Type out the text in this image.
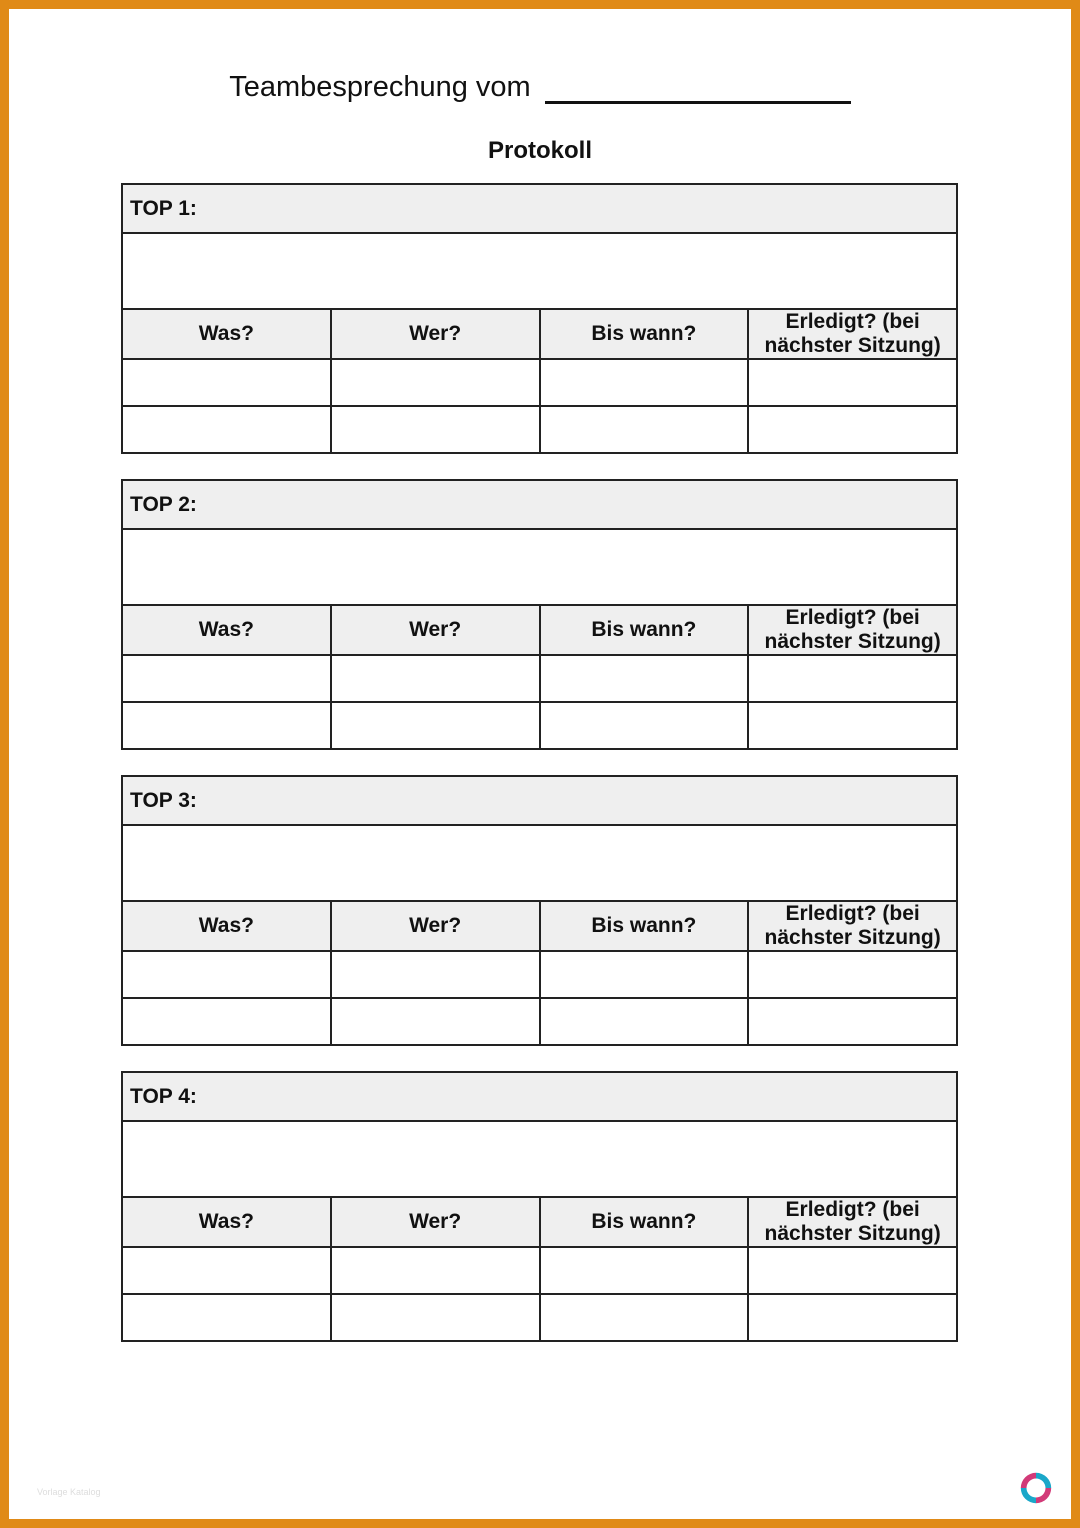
Teambesprechung vom
Protokoll
TOP 1:			

Was?	Wer?	Bis wann?	Erledigt? (bei nächster Sitzung)

TOP 2:			

Was?	Wer?	Bis wann?	Erledigt? (bei nächster Sitzung)

TOP 3:			

Was?	Wer?	Bis wann?	Erledigt? (bei nächster Sitzung)

TOP 4:			

Was?	Wer?	Bis wann?	Erledigt? (bei nächster Sitzung)

Vorlage Katalog
